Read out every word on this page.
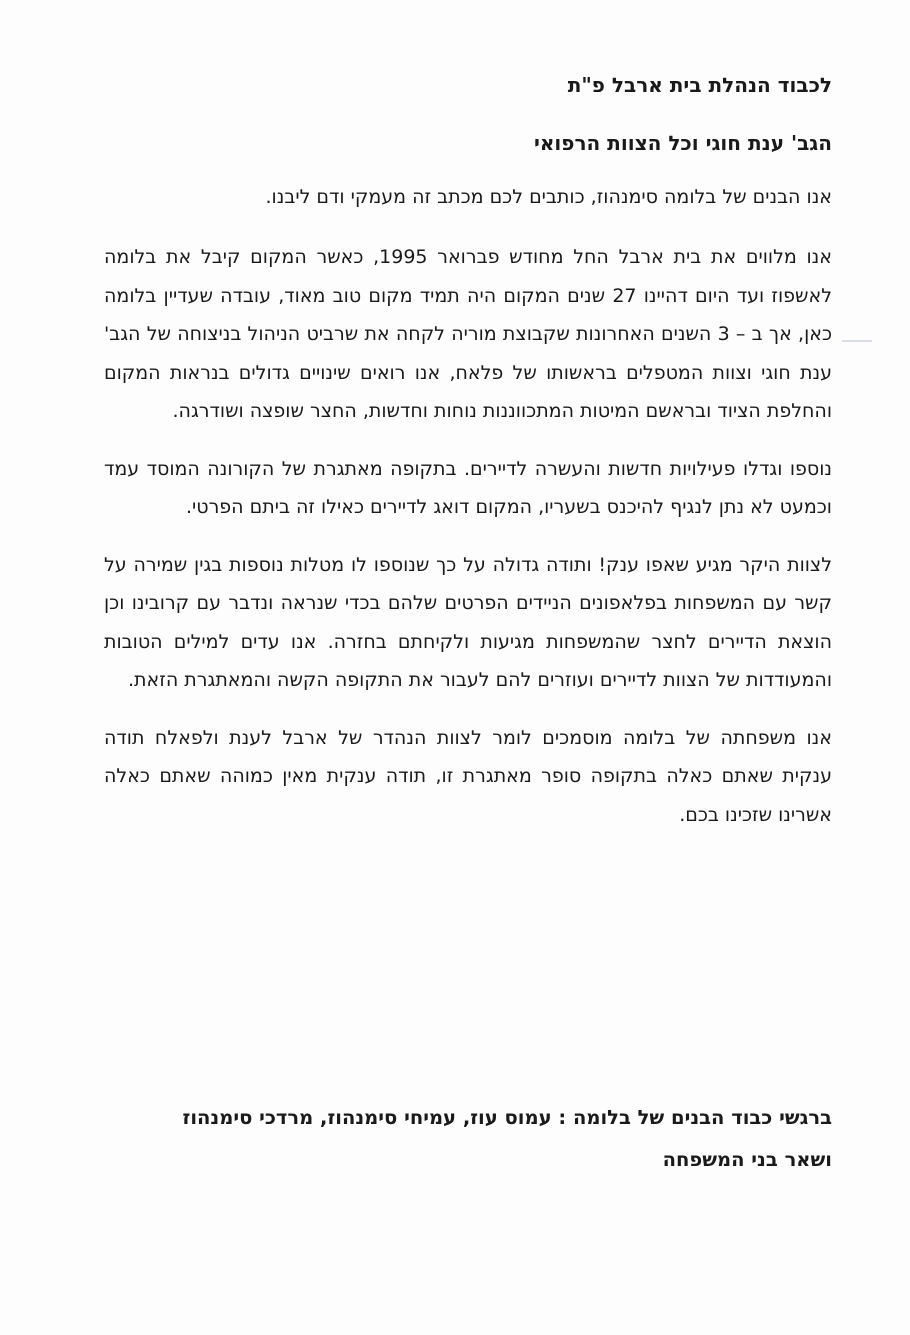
לכבוד הנהלת בית ארבל פ"ת

הגב' ענת חוגי וכל הצוות הרפואי

אנו הבנים של בלומה סימנהוז, כותבים לכם מכתב זה מעמקי ודם ליבנו.

אנו מלווים את בית ארבל החל מחודש פברואר 1995, כאשר המקום קיבל את בלומה לאשפוז ועד היום דהיינו 27 שנים המקום היה תמיד מקום טוב מאוד, עובדה שעדיין בלומה כאן, אך ב – 3 השנים האחרונות שקבוצת מוריה לקחה את שרביט הניהול בניצוחה של הגב' ענת חוגי וצוות המטפלים בראשותו של פלאח, אנו רואים שינויים גדולים בנראות המקום והחלפת הציוד ובראשם המיטות המתכווננות נוחות וחדשות, החצר שופצה ושודרגה.

נוספו וגדלו פעילויות חדשות והעשרה לדיירים. בתקופה מאתגרת של הקורונה המוסד עמד וכמעט לא נתן לנגיף להיכנס בשעריו, המקום דואג לדיירים כאילו זה ביתם הפרטי.

לצוות היקר מגיע שאפו ענק! ותודה גדולה על כך שנוספו לו מטלות נוספות בגין שמירה על קשר עם המשפחות בפלאפונים הניידים הפרטים שלהם בכדי שנראה ונדבר עם קרובינו וכן הוצאת הדיירים לחצר שהמשפחות מגיעות ולקיחתם בחזרה. אנו עדים למילים הטובות והמעודדות של הצוות לדיירים ועוזרים להם לעבור את התקופה הקשה והמאתגרת הזאת.

אנו משפחתה של בלומה מוסמכים לומר לצוות הנהדר של ארבל לענת ולפאלח תודה ענקית שאתם כאלה בתקופה סופר מאתגרת זו, תודה ענקית מאין כמוהה שאתם כאלה אשרינו שזכינו בכם.

ברגשי כבוד הבנים של בלומה : עמוס עוז, עמיחי סימנהוז, מרדכי סימנהוז
ושאר בני המשפחה
